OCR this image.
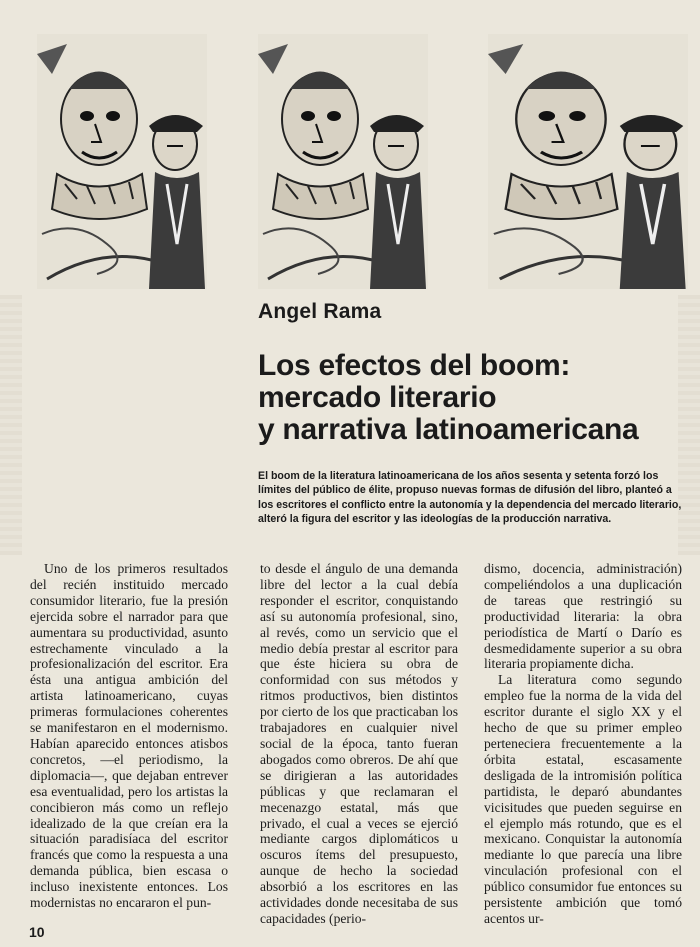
Angel Rama
Los efectos del boom:
mercado literario
y narrativa latinoamericana

El boom de la literatura latinoamericana de los años sesenta y setenta forzó los límites del público de élite, propuso nuevas formas de difusión del libro, planteó a los escritores el conflicto entre la autonomía y la dependencia del mercado literario, alteró la figura del escritor y las ideologías de la producción narrativa.

Uno de los primeros resultados del recién instituido mercado consumidor literario, fue la presión ejercida sobre el narrador para que aumentara su productividad, asunto estrechamente vinculado a la profesionalización del escritor. Era ésta una antigua ambición del artista latinoamericano, cuyas primeras formulaciones coherentes se manifestaron en el modernismo. Habían aparecido entonces atisbos concretos, —el periodismo, la diplomacia—, que dejaban entrever esa eventualidad, pero los artistas la concibieron más como un reflejo idealizado de la que creían era la situación paradisíaca del escritor francés que como la respuesta a una demanda pública, bien escasa o incluso inexistente entonces. Los modernistas no encararon el pun-

to desde el ángulo de una demanda libre del lector a la cual debía responder el escritor, conquistando así su autonomía profesional, sino, al revés, como un servicio que el medio debía prestar al escritor para que éste hiciera su obra de conformidad con sus métodos y ritmos productivos, bien distintos por cierto de los que practicaban los trabajadores en cualquier nivel social de la época, tanto fueran abogados como obreros. De ahí que se dirigieran a las autoridades públicas y que reclamaran el mecenazgo estatal, más que privado, el cual a veces se ejerció mediante cargos diplomáticos u oscuros ítems del presupuesto, aunque de hecho la sociedad absorbió a los escritores en las actividades donde necesitaba de sus capacidades (perio-

dismo, docencia, administración) compeliéndolos a una duplicación de tareas que restringió su productividad literaria: la obra periodística de Martí o Darío es desmedidamente superior a su obra literaria propiamente dicha.

La literatura como segundo empleo fue la norma de la vida del escritor durante el siglo XX y el hecho de que su primer empleo perteneciera frecuentemente a la órbita estatal, escasamente desligada de la intromisión política partidista, le deparó abundantes vicisitudes que pueden seguirse en el ejemplo más rotundo, que es el mexicano. Conquistar la autonomía mediante lo que parecía una libre vinculación profesional con el público consumidor fue entonces su persistente ambición que tomó acentos ur-

10
